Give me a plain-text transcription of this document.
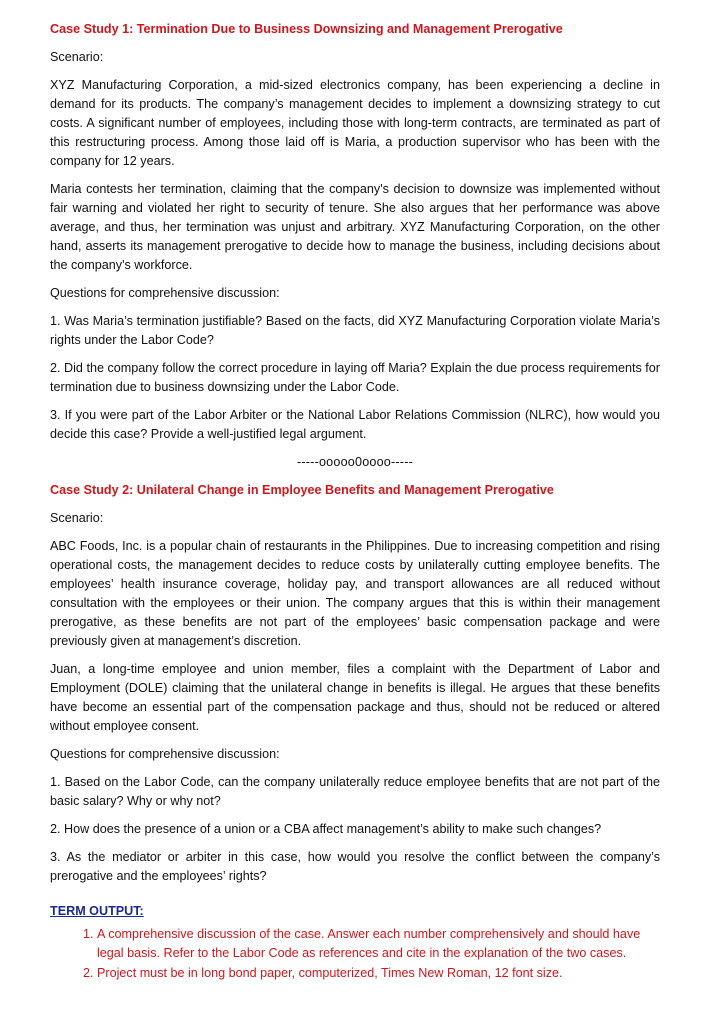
Case Study 1: Termination Due to Business Downsizing and Management Prerogative
Scenario:

XYZ Manufacturing Corporation, a mid-sized electronics company, has been experiencing a decline in demand for its products. The company’s management decides to implement a downsizing strategy to cut costs. A significant number of employees, including those with long-term contracts, are terminated as part of this restructuring process. Among those laid off is Maria, a production supervisor who has been with the company for 12 years.

Maria contests her termination, claiming that the company's decision to downsize was implemented without fair warning and violated her right to security of tenure. She also argues that her performance was above average, and thus, her termination was unjust and arbitrary. XYZ Manufacturing Corporation, on the other hand, asserts its management prerogative to decide how to manage the business, including decisions about the company's workforce.

Questions for comprehensive discussion:

1. Was Maria’s termination justifiable? Based on the facts, did XYZ Manufacturing Corporation violate Maria’s rights under the Labor Code?

2. Did the company follow the correct procedure in laying off Maria? Explain the due process requirements for termination due to business downsizing under the Labor Code.

3. If you were part of the Labor Arbiter or the National Labor Relations Commission (NLRC), how would you decide this case? Provide a well-justified legal argument.

-----ooooo0oooo-----
Case Study 2: Unilateral Change in Employee Benefits and Management Prerogative
Scenario:

ABC Foods, Inc. is a popular chain of restaurants in the Philippines. Due to increasing competition and rising operational costs, the management decides to reduce costs by unilaterally cutting employee benefits. The employees’ health insurance coverage, holiday pay, and transport allowances are all reduced without consultation with the employees or their union. The company argues that this is within their management prerogative, as these benefits are not part of the employees’ basic compensation package and were previously given at management’s discretion.

Juan, a long-time employee and union member, files a complaint with the Department of Labor and Employment (DOLE) claiming that the unilateral change in benefits is illegal. He argues that these benefits have become an essential part of the compensation package and thus, should not be reduced or altered without employee consent.

Questions for comprehensive discussion:

1. Based on the Labor Code, can the company unilaterally reduce employee benefits that are not part of the basic salary? Why or why not?

2. How does the presence of a union or a CBA affect management’s ability to make such changes?

3. As the mediator or arbiter in this case, how would you resolve the conflict between the company’s prerogative and the employees’ rights?

TERM OUTPUT:
1. A comprehensive discussion of the case. Answer each number comprehensively and should have legal basis. Refer to the Labor Code as references and cite in the explanation of the two cases.
2. Project must be in long bond paper, computerized, Times New Roman, 12 font size.
